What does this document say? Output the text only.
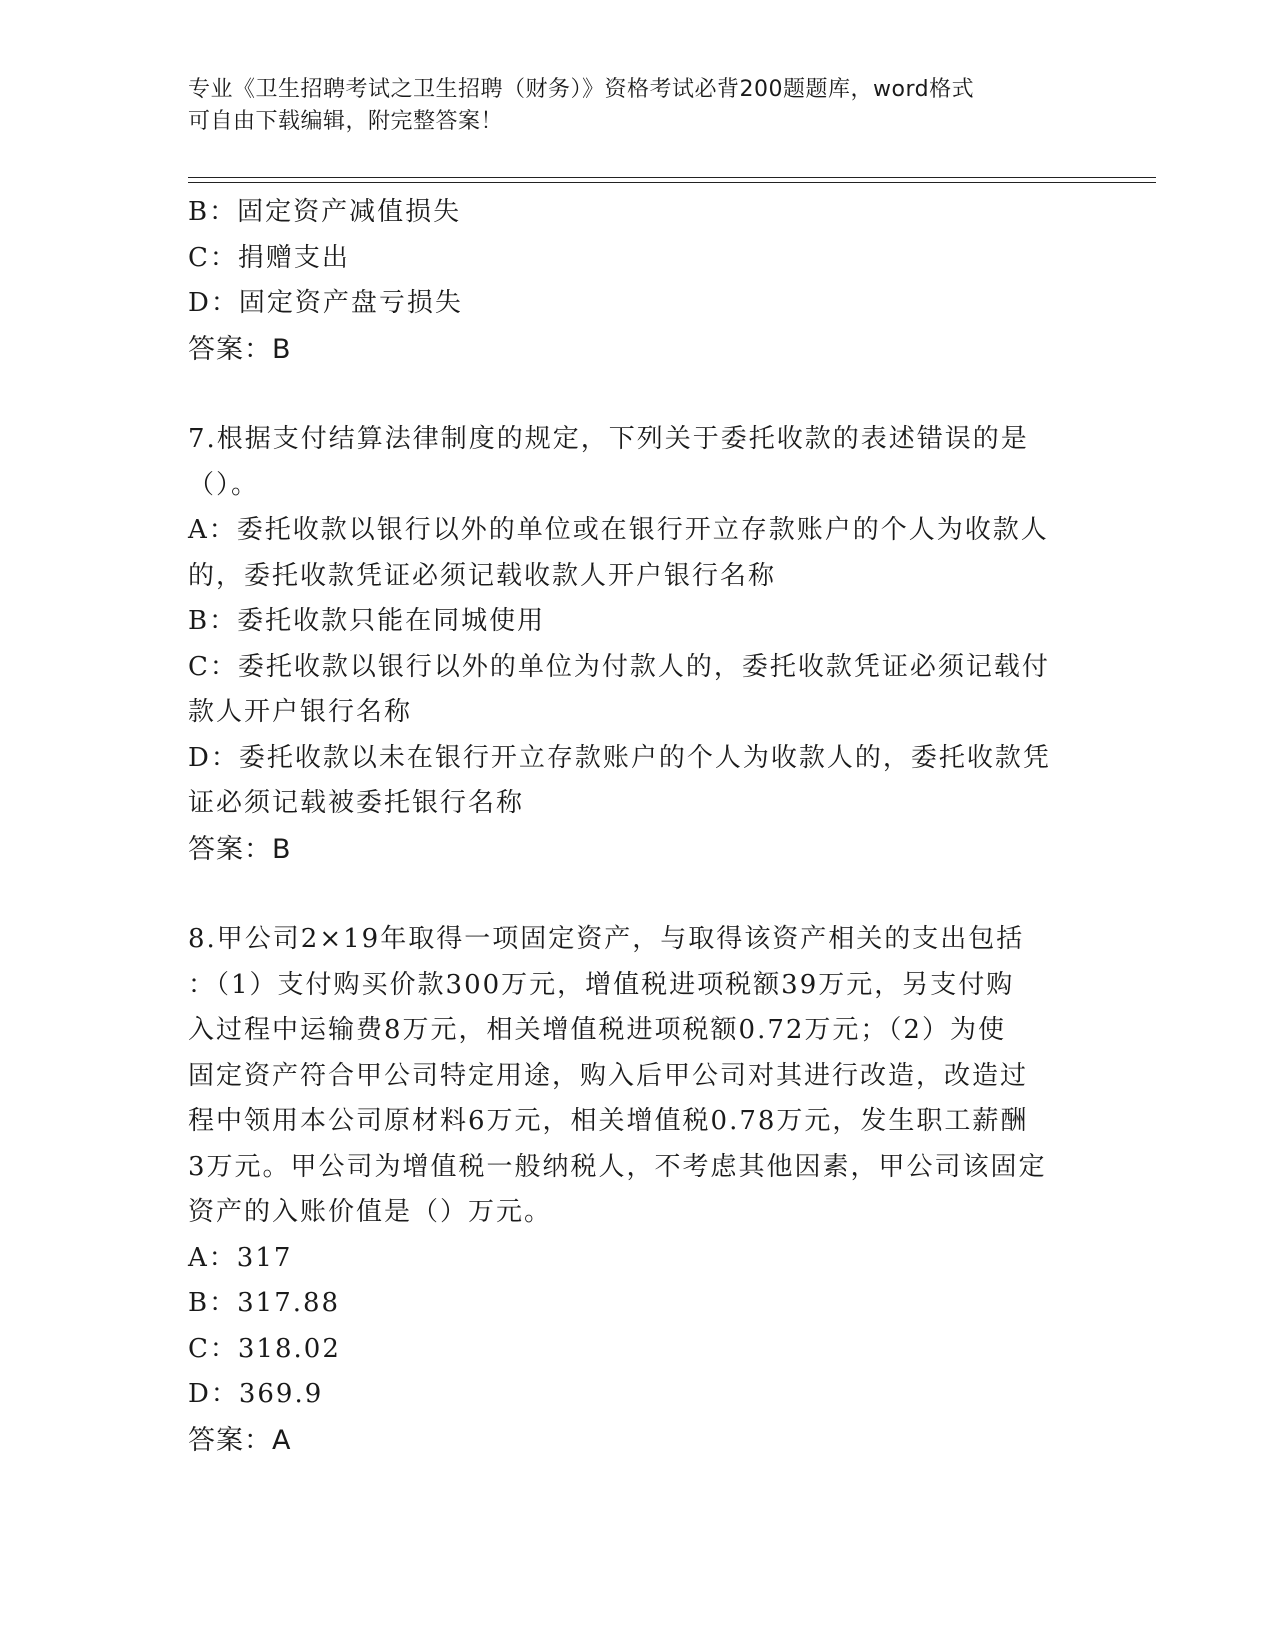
专业《卫生招聘考试之卫生招聘（财务）》资格考试必背200题题库，word格式
可自由下载编辑，附完整答案！
B：固定资产减值损失
C：捐赠支出
D：固定资产盘亏损失
答案：B
7.根据支付结算法律制度的规定，下列关于委托收款的表述错误的是
（）。
A：委托收款以银行以外的单位或在银行开立存款账户的个人为收款人
的，委托收款凭证必须记载收款人开户银行名称
B：委托收款只能在同城使用
C：委托收款以银行以外的单位为付款人的，委托收款凭证必须记载付
款人开户银行名称
D：委托收款以未在银行开立存款账户的个人为收款人的，委托收款凭
证必须记载被委托银行名称
答案：B
8.甲公司2×19年取得一项固定资产，与取得该资产相关的支出包括
：（1）支付购买价款300万元，增值税进项税额39万元，另支付购
入过程中运输费8万元，相关增值税进项税额0.72万元；（2）为使
固定资产符合甲公司特定用途，购入后甲公司对其进行改造，改造过
程中领用本公司原材料6万元，相关增值税0.78万元，发生职工薪酬
3万元。甲公司为增值税一般纳税人，不考虑其他因素，甲公司该固定
资产的入账价值是（）万元。
A：317
B：317.88
C：318.02
D：369.9
答案：A
